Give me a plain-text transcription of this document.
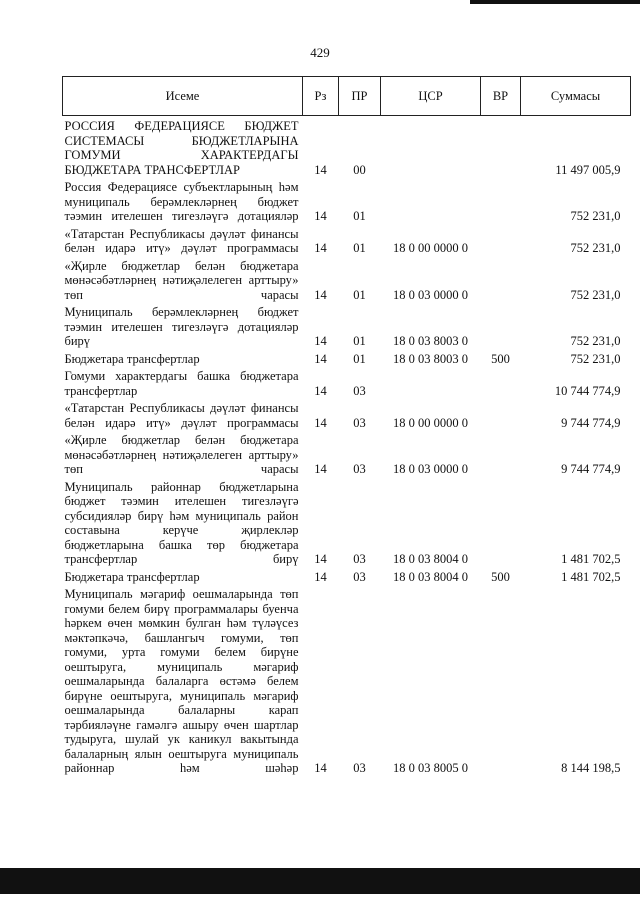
429
Исеме	Рз	ПР	ЦСР	ВР	Суммасы
РОССИЯ ФЕДЕРАЦИЯСЕ БЮДЖЕТ СИСТЕМАСЫ БЮДЖЕТЛАРЫНА ГОМУМИ ХАРАКТЕРДАГЫ БЮДЖЕТАРА ТРАНСФЕРТЛАР	14	00			11 497 005,9
Россия Федерациясе субъектларының һәм муниципаль берәмлекләрнең бюджет тәэмин ителешен тигезләүгә дотацияләр	14	01			752 231,0
«Татарстан Республикасы дәүләт финансы белән идарә итү» дәүләт программасы	14	01	18 0 00 0000 0		752 231,0
«Җирле бюджетлар белән бюджетара мөнәсәбәтләрнең нәтиҗәлелеген арттыру» төп чарасы	14	01	18 0 03 0000 0		752 231,0
Муниципаль берәмлекләрнең бюджет тәэмин ителешен тигезләүгә дотацияләр бирү	14	01	18 0 03 8003 0		752 231,0
Бюджетара трансфертлар	14	01	18 0 03 8003 0	500	752 231,0
Гомуми характердагы башка бюджетара трансфертлар	14	03			10 744 774,9
«Татарстан Республикасы дәүләт финансы белән идарә итү» дәүләт программасы	14	03	18 0 00 0000 0		9 744 774,9
«Җирле бюджетлар белән бюджетара мөнәсәбәтләрнең нәтиҗәлелеген арттыру» төп чарасы	14	03	18 0 03 0000 0		9 744 774,9
Муниципаль районнар бюджетларына бюджет тәэмин ителешен тигезләүгә субсидияләр бирү һәм муниципаль район составына керүче җирлекләр бюджетларына башка төр бюджетара трансфертлар бирү	14	03	18 0 03 8004 0		1 481 702,5
Бюджетара трансфертлар	14	03	18 0 03 8004 0	500	1 481 702,5
Муниципаль мәгариф оешмаларында төп гомуми белем бирү программалары буенча һәркем өчен мөмкин булган һәм түләүсез мәктәпкәчә, башлангыч гомуми, төп гомуми, урта гомуми белем бирүне оештыруга, муниципаль мәгариф оешмаларында балаларга өстәмә белем бирүне оештыруга, муниципаль мәгариф оешмаларында балаларны карап тәрбияләүне гамәлгә ашыру өчен шартлар тудыруга, шулай ук каникул вакытында балаларның ялын оештыруга муниципаль районнар һәм шәһәр	14	03	18 0 03 8005 0		8 144 198,5
